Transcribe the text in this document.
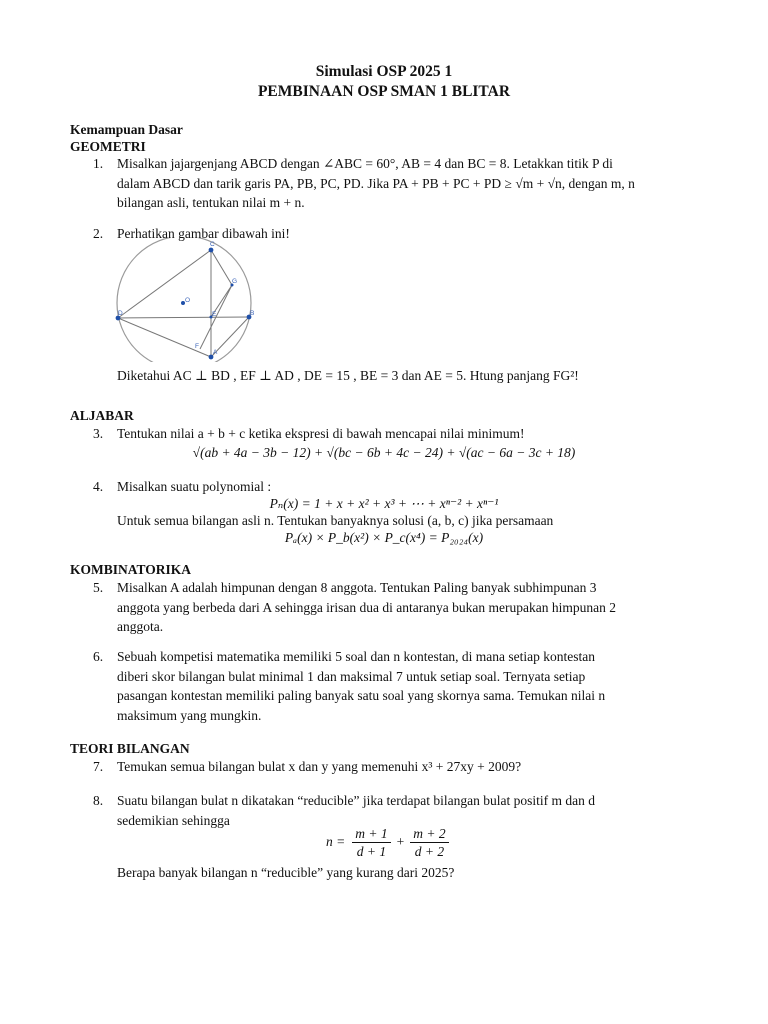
Simulasi OSP 2025 1
PEMBINAAN OSP SMAN 1 BLITAR
Kemampuan Dasar
GEOMETRI
1. Misalkan jajargenjang ABCD dengan ∠ABC = 60°, AB = 4 dan BC = 8. Letakkan titik P di
dalam ABCD dan tarik garis PA, PB, PC, PD. Jika PA + PB + PC + PD ≥ √m + √n, dengan m, n
bilangan asli, tentukan nilai m + n.
2. Perhatikan gambar dibawah ini!
C
D	B
A
O
E
G
F
Diketahui AC ⊥ BD , EF ⊥ AD , DE = 15 , BE = 3 dan AE = 5. Htung panjang FG²!
ALJABAR
3. Tentukan nilai a + b + c ketika ekspresi di bawah mencapai nilai minimum!
√(ab + 4a − 3b − 12) + √(bc − 6b + 4c − 24) + √(ac − 6a − 3c + 18)
4. Misalkan suatu polynomial :
Pₙ(x) = 1 + x + x² + x³ + ⋯ + xⁿ⁻² + xⁿ⁻¹
Untuk semua bilangan asli n. Tentukan banyaknya solusi (a, b, c) jika persamaan
Pₐ(x) × P_b(x²) × P_c(x⁴) = P₂₀₂₄(x)
KOMBINATORIKA
5. Misalkan A adalah himpunan dengan 8 anggota. Tentukan Paling banyak subhimpunan 3
anggota yang berbeda dari A sehingga irisan dua di antaranya bukan merupakan himpunan 2
anggota.
6. Sebuah kompetisi matematika memiliki 5 soal dan n kontestan, di mana setiap kontestan
diberi skor bilangan bulat minimal 1 dan maksimal 7 untuk setiap soal. Ternyata setiap
pasangan kontestan memiliki paling banyak satu soal yang skornya sama. Temukan nilai n
maksimum yang mungkin.
TEORI BILANGAN
7. Temukan semua bilangan bulat x dan y yang memenuhi x³ + 27xy + 2009?
8. Suatu bilangan bulat n dikatakan “reducible” jika terdapat bilangan bulat positif m dan d
sedemikian sehingga
$n = \frac{m + 1}{d + 1} + \frac{m + 2}{d + 2}$
Berapa banyak bilangan n “reducible” yang kurang dari 2025?
